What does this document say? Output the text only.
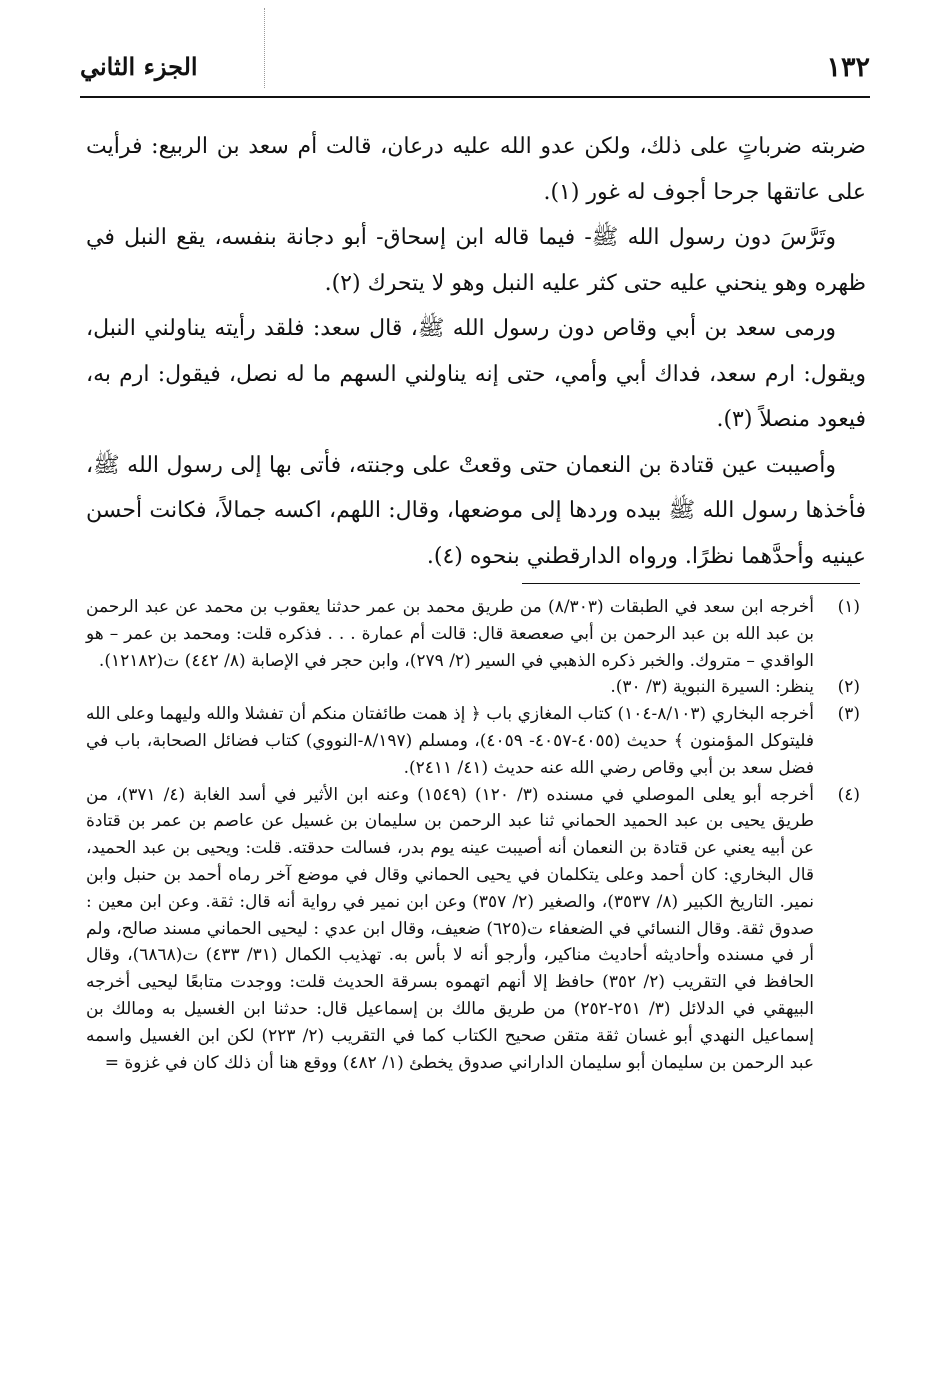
١٣٢
الجزء الثاني

ضربته ضرباتٍ على ذلك، ولكن عدو الله عليه درعان، قالت أم سعد بن الربيع: فرأيت على عاتقها جرحا أجوف له غور (١).

وتَرَّسَ دون رسول الله ﷺ- فيما قاله ابن إسحاق- أبو دجانة بنفسه، يقع النبل في ظهره وهو ينحني عليه حتى كثر عليه النبل وهو لا يتحرك (٢).

ورمى سعد بن أبي وقاص دون رسول الله ﷺ، قال سعد: فلقد رأيته يناولني النبل، ويقول: ارم سعد، فداك أبي وأمي، حتى إنه يناولني السهم ما له نصل، فيقول: ارم به، فيعود منصلاً (٣).

وأصيبت عين قتادة بن النعمان حتى وقعتْ على وجنته، فأتى بها إلى رسول الله ﷺ، فأخذها رسول الله ﷺ بيده وردها إلى موضعها، وقال: اللهم، اكسه جمالاً، فكانت أحسن عينيه وأحدَّهما نظرًا. ورواه الدارقطني بنحوه (٤).

(١)
أخرجه ابن سعد في الطبقات (٨/٣٠٣) من طريق محمد بن عمر حدثنا يعقوب بن محمد عن عبد الرحمن بن عبد الله بن عبد الرحمن بن أبي صعصعة قال: قالت أم عمارة . . . فذكره قلت: ومحمد بن عمر – هو الواقدي – متروك. والخبر ذكره الذهبي في السير (٢/ ٢٧٩)، وابن حجر في الإصابة (٨/ ٤٤٢) ت(١٢١٨٢).
(٢)
ينظر: السيرة النبوية (٣/ ٣٠).
(٣)
أخرجه البخاري (٨/١٠٣-١٠٤) كتاب المغازي باب ﴿ إذ همت طائفتان منكم أن تفشلا والله وليهما وعلى الله فليتوكل المؤمنون ﴾ حديث (٤٠٥٥-٤٠٥٧- ٤٠٥٩)، ومسلم (٨/١٩٧-النووي) كتاب فضائل الصحابة، باب في فضل سعد بن أبي وقاص رضي الله عنه حديث (٤١/ ٢٤١١).
(٤)
أخرجه أبو يعلى الموصلي في مسنده (٣/ ١٢٠) (١٥٤٩) وعنه ابن الأثير في أسد الغابة (٤/ ٣٧١)، من طريق يحيى بن عبد الحميد الحماني ثنا عبد الرحمن بن سليمان بن غسيل عن عاصم بن عمر بن قتادة عن أبيه يعني عن قتادة بن النعمان أنه أصيبت عينه يوم بدر، فسالت حدقته. قلت: ويحيى بن عبد الحميد، قال البخاري: كان أحمد وعلى يتكلمان في يحيى الحماني وقال في موضع آخر رماه أحمد بن حنبل وابن نمير. التاريخ الكبير (٨/ ٣٥٣٧)، والصغير (٢/ ٣٥٧) وعن ابن نمير في رواية أنه قال: ثقة. وعن ابن معين : صدوق ثقة. وقال النسائي في الضعفاء ت(٦٢٥) ضعيف، وقال ابن عدي : ليحيى الحماني مسند صالح، ولم أر في مسنده وأحاديثه أحاديث مناكير، وأرجو أنه لا بأس به. تهذيب الكمال (٣١/ ٤٣٣) ت(٦٨٦٨)، وقال الحافظ في التقريب (٢/ ٣٥٢) حافظ إلا أنهم اتهموه بسرقة الحديث قلت: ووجدت متابعًا ليحيى أخرجه البيهقي في الدلائل (٣/ ٢٥١-٢٥٢) من طريق مالك بن إسماعيل قال: حدثنا ابن الغسيل به ومالك بن إسماعيل النهدي أبو غسان ثقة متقن صحيح الكتاب كما في التقريب (٢/ ٢٢٣) لكن ابن الغسيل واسمه عبد الرحمن بن سليمان أبو سليمان الداراني صدوق يخطئ (١/ ٤٨٢) ووقع هنا أن ذلك كان في غزوة =
